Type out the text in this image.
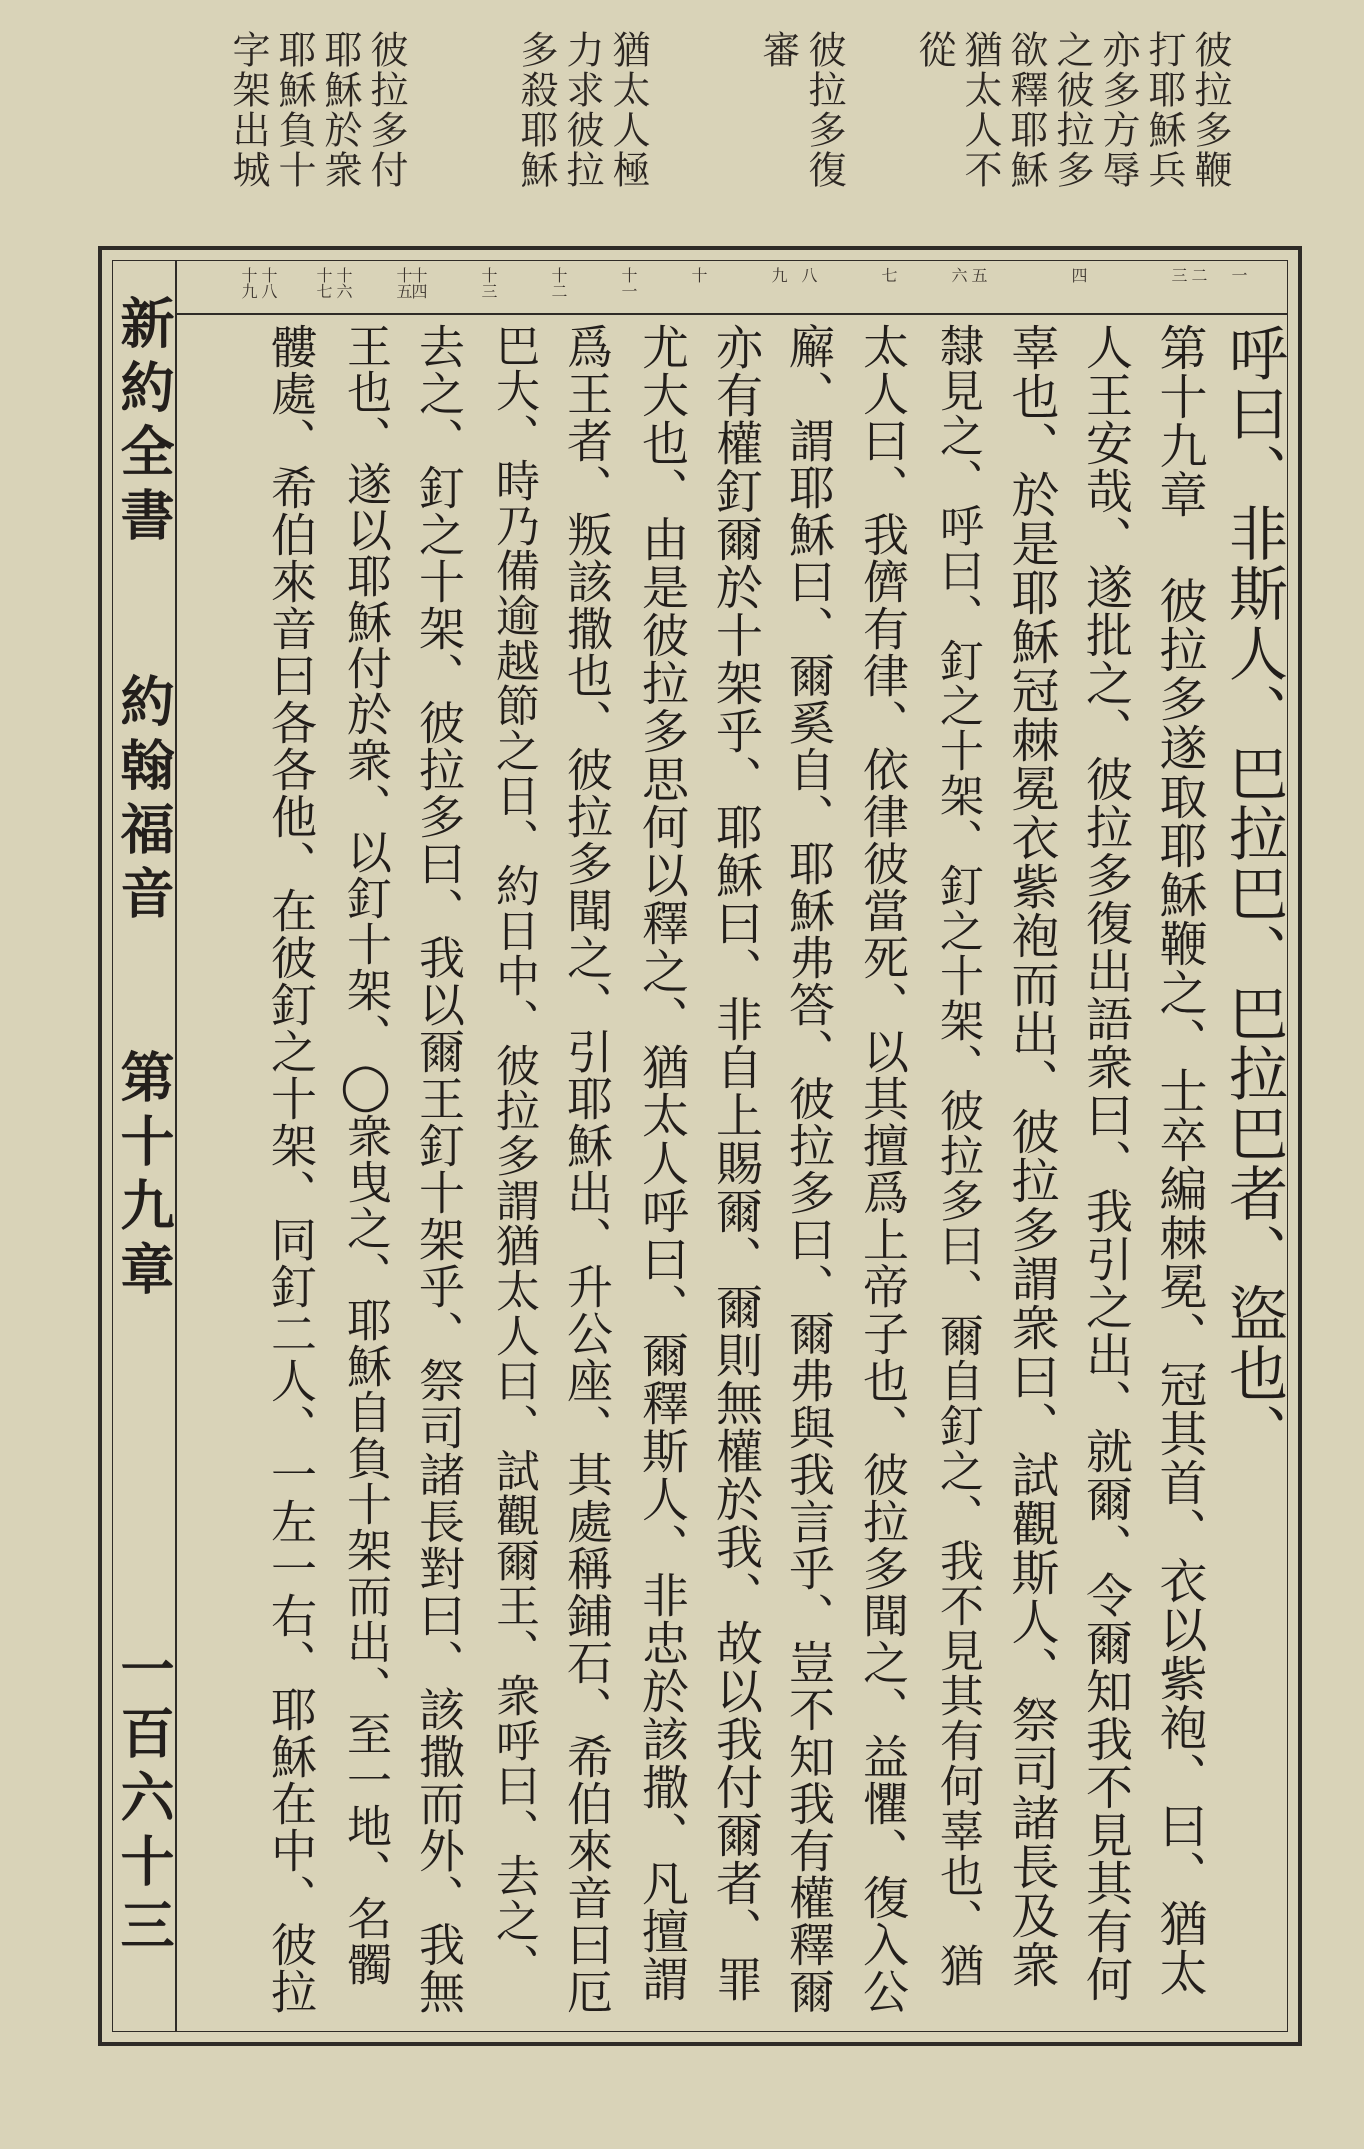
彼拉多鞭
打耶穌兵
亦多方辱
之彼拉多
欲釋耶穌
猶太人不
從
彼拉多復
審
猶太人極
力求彼拉
多殺耶穌
彼拉多付
耶穌於衆
耶穌負十
字架出城
新約全書 約翰福音 第十九章
一百六十三
一
二
三
四
五
六
七
八
九
十
十一
十二
十三
十四
十五
十六
十七
十八
十九
呼曰、非斯人、巴拉巴、巴拉巴者、盜也、
第十九章 彼拉多遂取耶穌鞭之、士卒編棘冕、冠其首、衣以紫袍、曰、猶太
人王安哉、遂批之、彼拉多復出語衆曰、我引之出、就爾、令爾知我不見其有何
辜也、於是耶穌冠棘冕衣紫袍而出、彼拉多謂衆曰、試觀斯人、祭司諸長及衆
隸見之、呼曰、釘之十架、釘之十架、彼拉多曰、爾自釘之、我不見其有何辜也、猶
太人曰、我儕有律、依律彼當死、以其擅爲上帝子也、彼拉多聞之、益懼、復入公
廨、謂耶穌曰、爾奚自、耶穌弗答、彼拉多曰、爾弗與我言乎、豈不知我有權釋爾
亦有權釘爾於十架乎、耶穌曰、非自上賜爾、爾則無權於我、故以我付爾者、罪
尤大也、由是彼拉多思何以釋之、猶太人呼曰、爾釋斯人、非忠於該撒、凡擅謂
爲王者、叛該撒也、彼拉多聞之、引耶穌出、升公座、其處稱鋪石、希伯來音曰厄
巴大、時乃備逾越節之日、約日中、彼拉多謂猶太人曰、試觀爾王、衆呼曰、去之、
去之、釘之十架、彼拉多曰、我以爾王釘十架乎、祭司諸長對曰、該撒而外、我無
王也、遂以耶穌付於衆、以釘十架、◯衆曳之、耶穌自負十架而出、至一地、名髑
髏處、希伯來音曰各各他、在彼釘之十架、同釘二人、一左一右、耶穌在中、彼拉
